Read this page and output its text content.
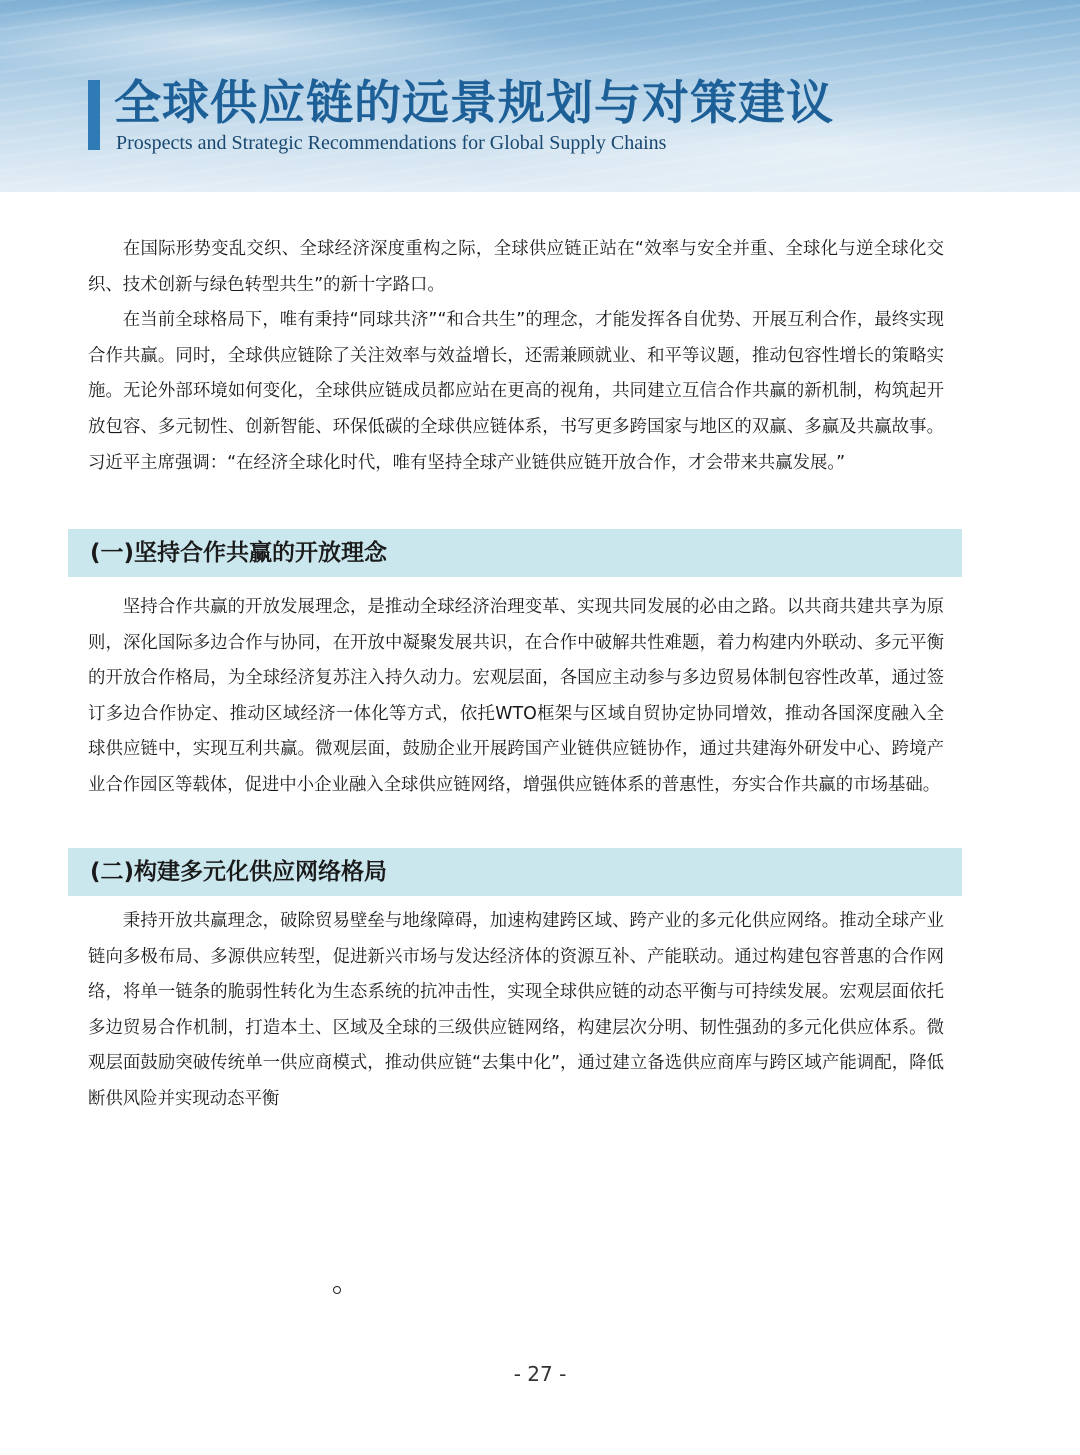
全球供应链的远景规划与对策建议
Prospects and Strategic Recommendations for Global Supply Chains

在国际形势变乱交织、全球经济深度重构之际，全球供应链正站在“效率与安全并重、全球化与逆全球化交织、技术创新与绿色转型共生”的新十字路口。

在当前全球格局下，唯有秉持“同球共济”“和合共生”的理念，才能发挥各自优势、开展互利合作，最终实现合作共赢。同时，全球供应链除了关注效率与效益增长，还需兼顾就业、和平等议题，推动包容性增长的策略实施。无论外部环境如何变化，全球供应链成员都应站在更高的视角，共同建立互信合作共赢的新机制，构筑起开放包容、多元韧性、创新智能、环保低碳的全球供应链体系，书写更多跨国家与地区的双赢、多赢及共赢故事。习近平主席强调：“在经济全球化时代，唯有坚持全球产业链供应链开放合作，才会带来共赢发展。”

(一)坚持合作共赢的开放理念

坚持合作共赢的开放发展理念，是推动全球经济治理变革、实现共同发展的必由之路。以共商共建共享为原则，深化国际多边合作与协同，在开放中凝聚发展共识，在合作中破解共性难题，着力构建内外联动、多元平衡的开放合作格局，为全球经济复苏注入持久动力。宏观层面，各国应主动参与多边贸易体制包容性改革，通过签订多边合作协定、推动区域经济一体化等方式，依托WTO框架与区域自贸协定协同增效，推动各国深度融入全球供应链中，实现互利共赢。微观层面，鼓励企业开展跨国产业链供应链协作，通过共建海外研发中心、跨境产业合作园区等载体，促进中小企业融入全球供应链网络，增强供应链体系的普惠性，夯实合作共赢的市场基础。

(二)构建多元化供应网络格局

秉持开放共赢理念，破除贸易壁垒与地缘障碍，加速构建跨区域、跨产业的多元化供应网络。推动全球产业链向多极布局、多源供应转型，促进新兴市场与发达经济体的资源互补、产能联动。通过构建包容普惠的合作网络，将单一链条的脆弱性转化为生态系统的抗冲击性，实现全球供应链的动态平衡与可持续发展。宏观层面依托多边贸易合作机制，打造本土、区域及全球的三级供应链网络，构建层次分明、韧性强劲的多元化供应体系。微观层面鼓励突破传统单一供应商模式，推动供应链“去集中化”，通过建立备选供应商库与跨区域产能调配，降低断供风险并实现动态平衡

- 27 -
